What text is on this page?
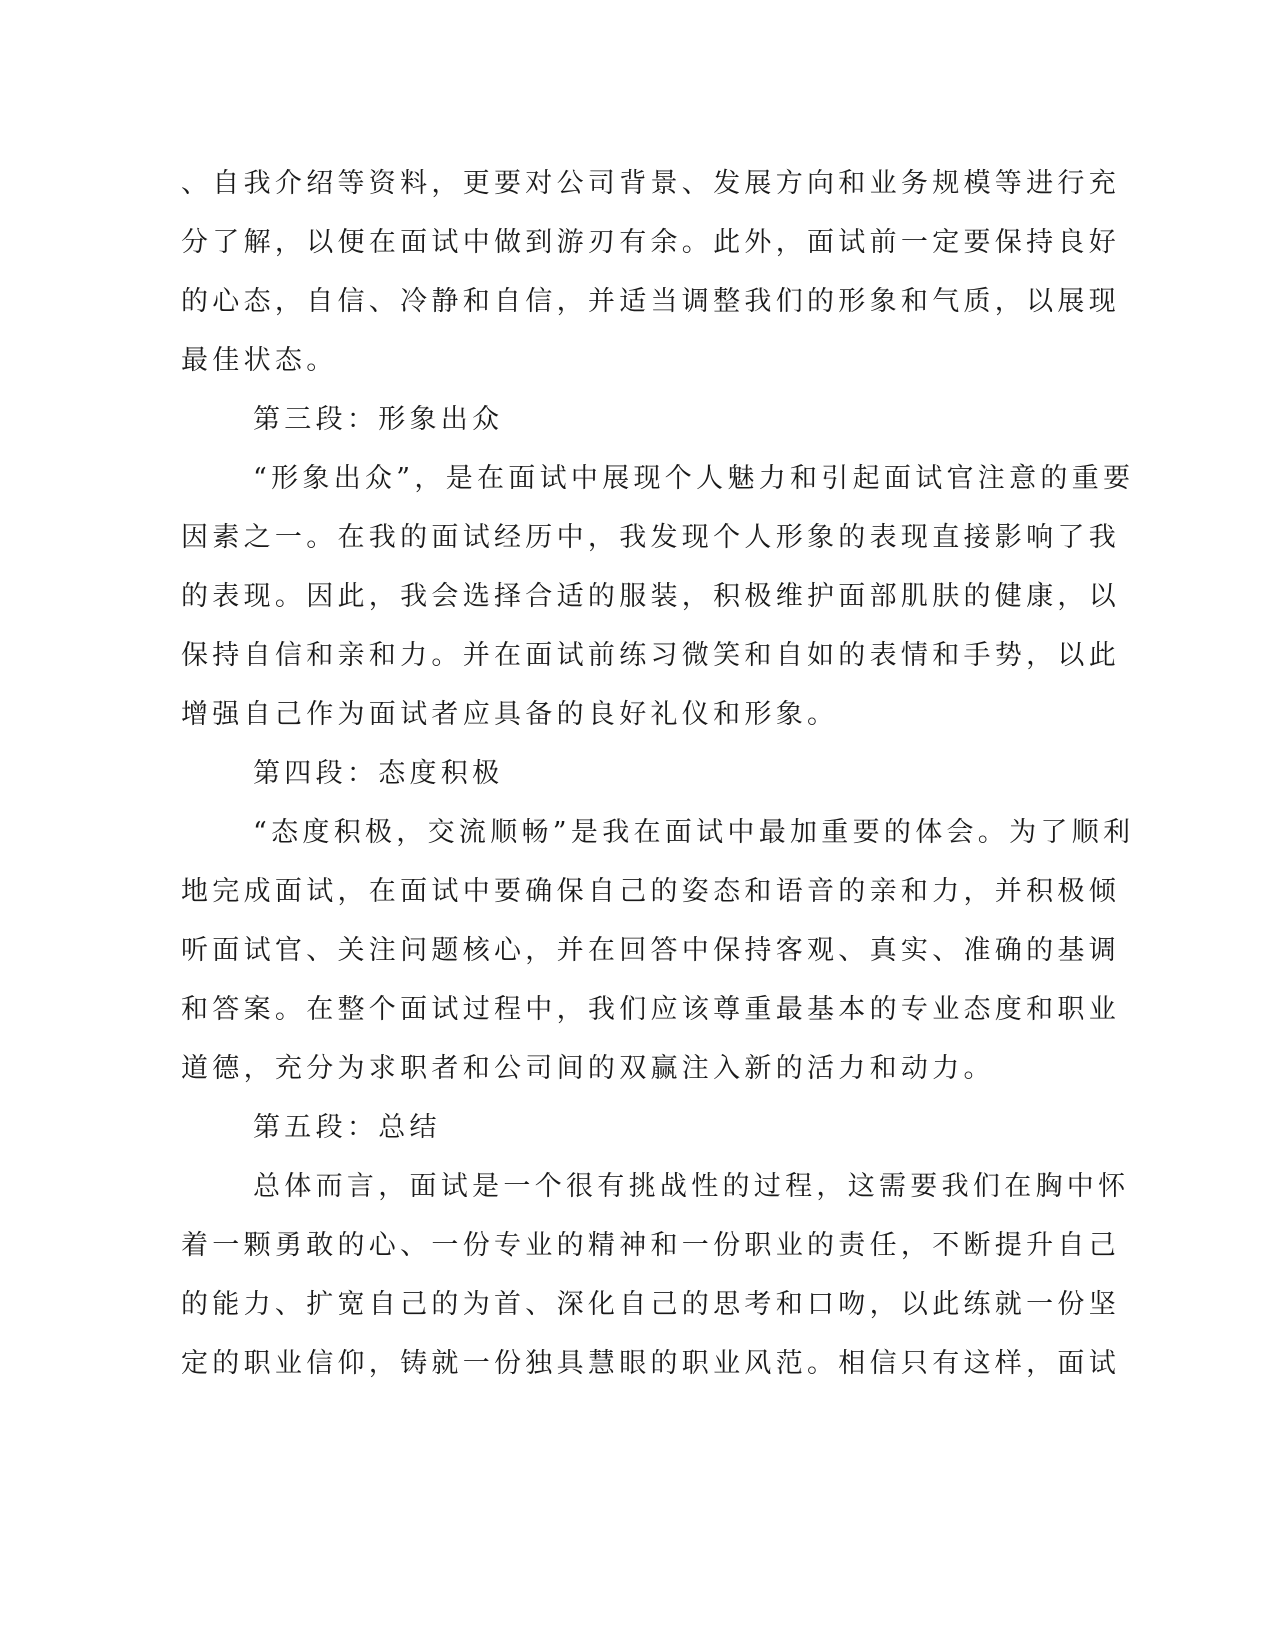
、自我介绍等资料，更要对公司背景、发展方向和业务规模等进行充
分了解，以便在面试中做到游刃有余。此外，面试前一定要保持良好
的心态，自信、冷静和自信，并适当调整我们的形象和气质，以展现
最佳状态。
第三段：形象出众
“形象出众”，是在面试中展现个人魅力和引起面试官注意的重要
因素之一。在我的面试经历中，我发现个人形象的表现直接影响了我
的表现。因此，我会选择合适的服装，积极维护面部肌肤的健康，以
保持自信和亲和力。并在面试前练习微笑和自如的表情和手势，以此
增强自己作为面试者应具备的良好礼仪和形象。
第四段：态度积极
“态度积极，交流顺畅”是我在面试中最加重要的体会。为了顺利
地完成面试，在面试中要确保自己的姿态和语音的亲和力，并积极倾
听面试官、关注问题核心，并在回答中保持客观、真实、准确的基调
和答案。在整个面试过程中，我们应该尊重最基本的专业态度和职业
道德，充分为求职者和公司间的双赢注入新的活力和动力。
第五段：总结
总体而言，面试是一个很有挑战性的过程，这需要我们在胸中怀
着一颗勇敢的心、一份专业的精神和一份职业的责任，不断提升自己
的能力、扩宽自己的为首、深化自己的思考和口吻，以此练就一份坚
定的职业信仰，铸就一份独具慧眼的职业风范。相信只有这样，面试
